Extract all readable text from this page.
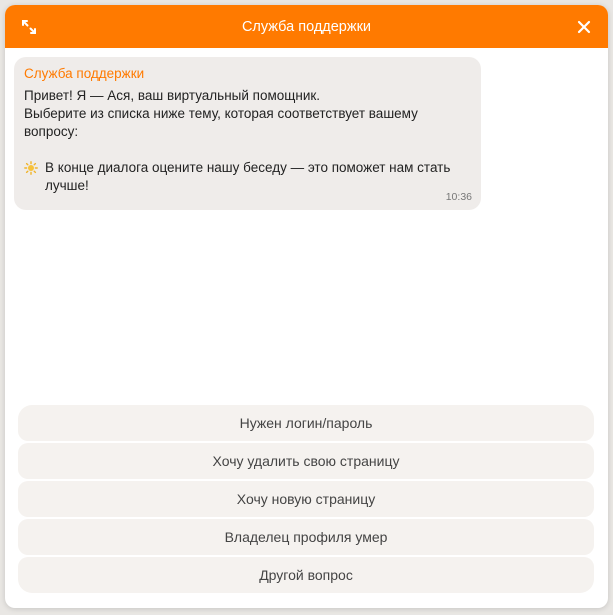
Служба поддержки
Служба поддержки
Привет! Я — Ася, ваш виртуальный помощник.
Выберите из списка ниже тему, которая соответствует вашему вопросу:
В конце диалога оцените нашу беседу — это поможет нам стать лучше!
10:36
Нужен логин/пароль
Хочу удалить свою страницу
Хочу новую страницу
Владелец профиля умер
Другой вопрос
